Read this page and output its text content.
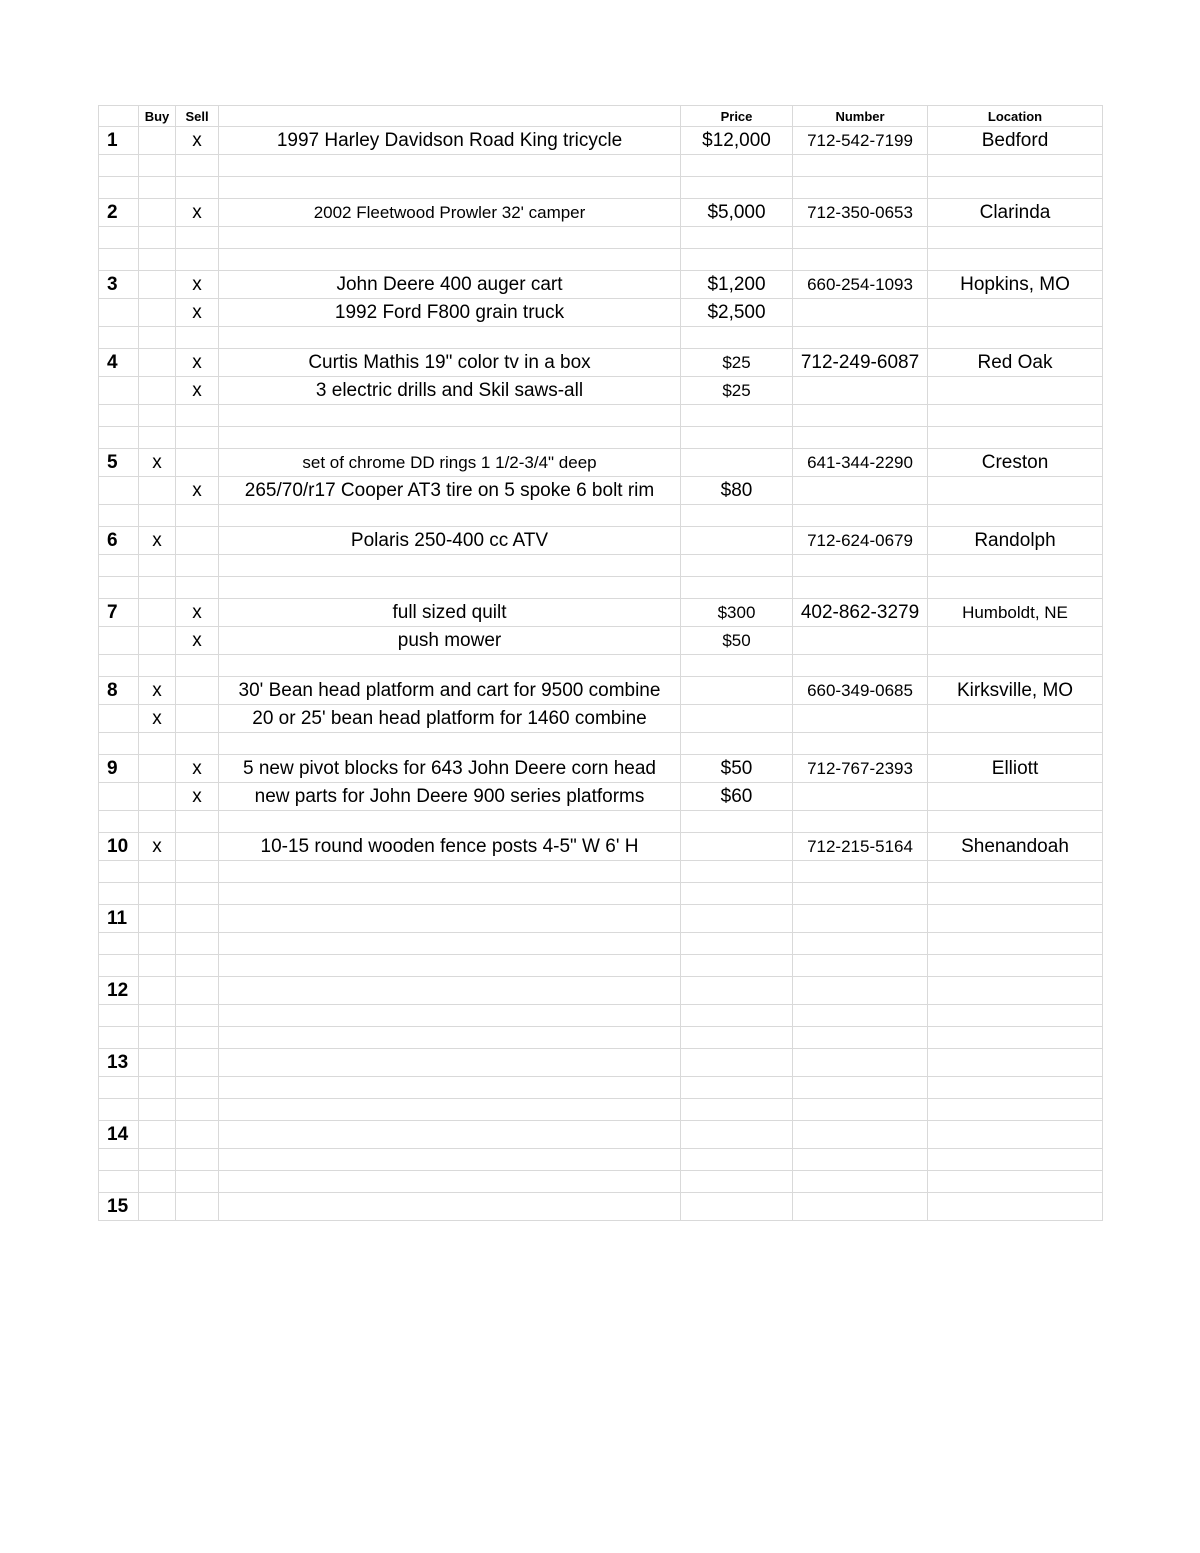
	Buy	Sell		Price	Number	Location
1		x	1997 Harley Davidson Road King tricycle	$12,000	712-542-7199	Bedford

2		x	2002 Fleetwood Prowler 32' camper	$5,000	712-350-0653	Clarinda

3		x	John Deere 400 auger cart	$1,200	660-254-1093	Hopkins, MO
		x	1992 Ford F800 grain truck	$2,500		

4		x	Curtis Mathis 19" color tv in a box	$25	712-249-6087	Red Oak
		x	3 electric drills and Skil saws-all	$25		

5	x		set of chrome DD rings 1 1/2-3/4" deep		641-344-2290	Creston
		x	265/70/r17 Cooper AT3 tire on 5 spoke 6 bolt rim	$80		

6	x		Polaris 250-400 cc ATV		712-624-0679	Randolph

7		x	full sized quilt	$300	402-862-3279	Humboldt, NE
		x	push mower	$50		

8	x		30' Bean head platform and cart for 9500 combine		660-349-0685	Kirksville, MO
	x		20 or 25' bean head platform for 1460 combine			

9		x	5 new pivot blocks for 643 John Deere corn head	$50	712-767-2393	Elliott
		x	new parts for John Deere 900 series platforms	$60		

10	x		10-15 round wooden fence posts 4-5" W 6' H		712-215-5164	Shenandoah

11						

12						

13						

14						

15						
